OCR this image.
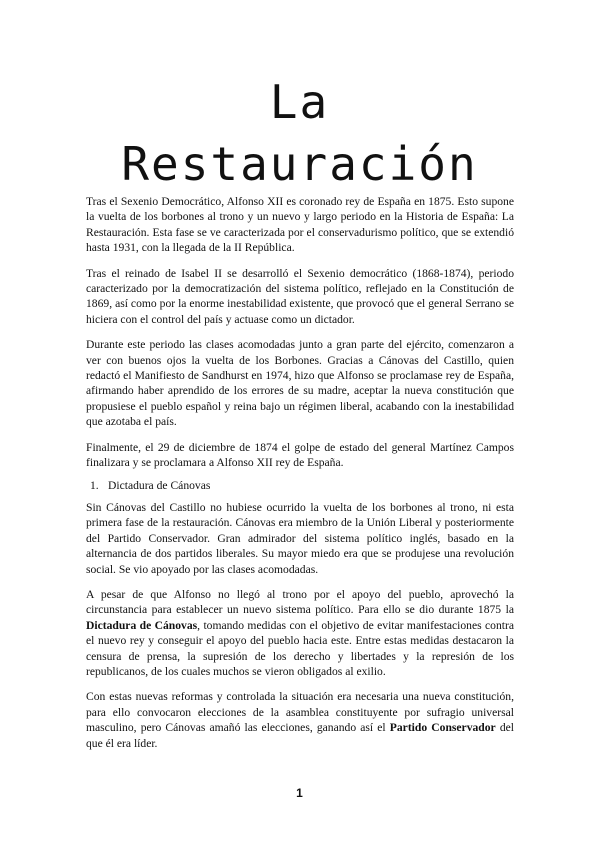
La
Restauración

Tras el Sexenio Democrático, Alfonso XII es coronado rey de España en 1875. Esto supone la vuelta de los borbones al trono y un nuevo y largo periodo en la Historia de España: La Restauración. Esta fase se ve caracterizada por el conservadurismo político, que se extendió hasta 1931, con la llegada de la II República.

Tras el reinado de Isabel II se desarrolló el Sexenio democrático (1868-1874), periodo caracterizado por la democratización del sistema político, reflejado en la Constitución de 1869, así como por la enorme inestabilidad existente, que provocó que el general Serrano se hiciera con el control del país y actuase como un dictador.

Durante este periodo las clases acomodadas junto a gran parte del ejército, comenzaron a ver con buenos ojos la vuelta de los Borbones. Gracias a Cánovas del Castillo, quien redactó el Manifiesto de Sandhurst en 1974, hizo que Alfonso se proclamase rey de España, afirmando haber aprendido de los errores de su madre, aceptar la nueva constitución que propusiese el pueblo español y reina bajo un régimen liberal, acabando con la inestabilidad que azotaba el país.

Finalmente, el 29 de diciembre de 1874 el golpe de estado del general Martínez Campos finalizara y se proclamara a Alfonso XII rey de España.

1. Dictadura de Cánovas

Sin Cánovas del Castillo no hubiese ocurrido la vuelta de los borbones al trono, ni esta primera fase de la restauración. Cánovas era miembro de la Unión Liberal y posteriormente del Partido Conservador. Gran admirador del sistema político inglés, basado en la alternancia de dos partidos liberales. Su mayor miedo era que se produjese una revolución social. Se vio apoyado por las clases acomodadas.

A pesar de que Alfonso no llegó al trono por el apoyo del pueblo, aprovechó la circunstancia para establecer un nuevo sistema político. Para ello se dio durante 1875 la Dictadura de Cánovas, tomando medidas con el objetivo de evitar manifestaciones contra el nuevo rey y conseguir el apoyo del pueblo hacia este. Entre estas medidas destacaron la censura de prensa, la supresión de los derecho y libertades y la represión de los republicanos, de los cuales muchos se vieron obligados al exilio.

Con estas nuevas reformas y controlada la situación era necesaria una nueva constitución, para ello convocaron elecciones de la asamblea constituyente por sufragio universal masculino, pero Cánovas amañó las elecciones, ganando así el Partido Conservador del que él era líder.

1
